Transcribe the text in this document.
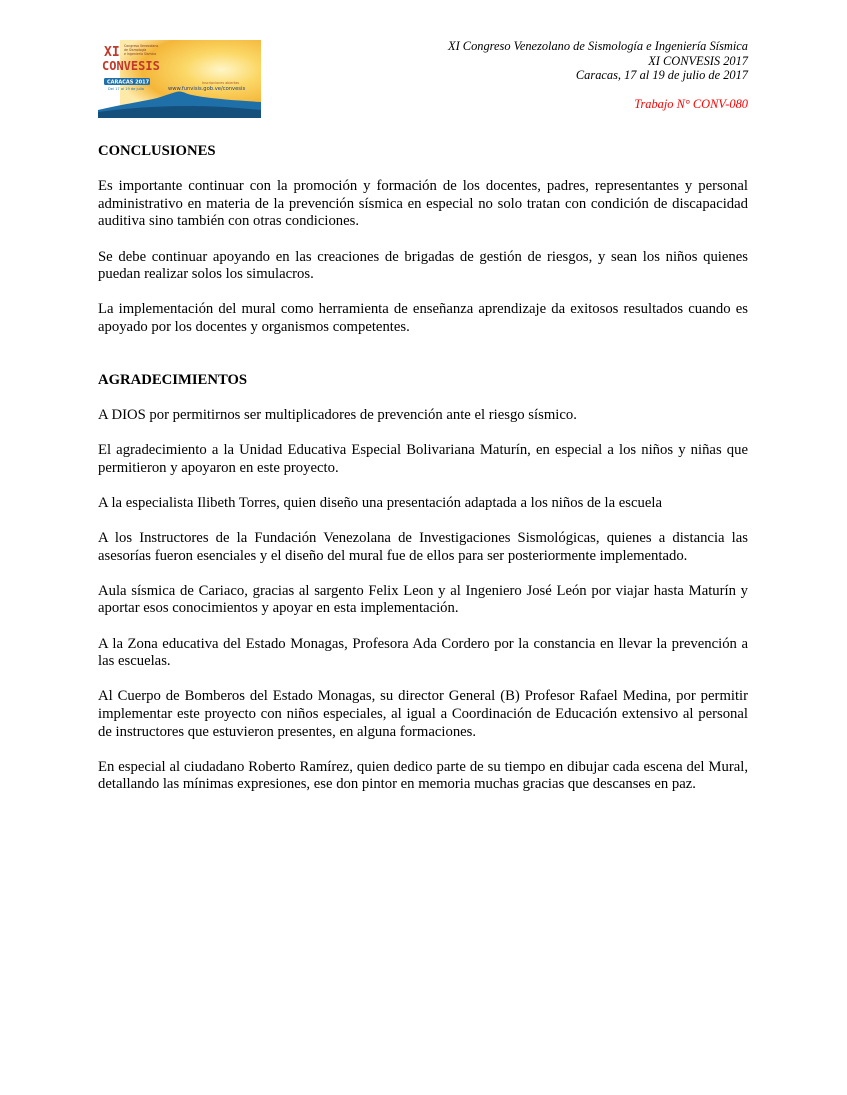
XI
CONVESIS
Congreso Venezolano
de Sismología
e Ingeniería Sísmica
CARACAS 2017
Del 17 al 19 de julio
Inscripciones abiertas
www.funvisis.gob.ve/convesis
XI Congreso Venezolano de Sismología e Ingeniería Sísmica
XI CONVESIS 2017
Caracas, 17 al 19 de julio de 2017
Trabajo N° CONV-080
CONCLUSIONES

Es importante continuar con la promoción y formación de los docentes, padres, representantes y personal administrativo en materia de la prevención sísmica en especial no solo tratan con condición de discapacidad auditiva sino también con otras condiciones.

Se debe continuar apoyando en las creaciones de brigadas de gestión de riesgos, y sean los niños quienes puedan realizar solos los simulacros.

La implementación del mural como herramienta de enseñanza aprendizaje da exitosos resultados cuando es apoyado por los docentes y organismos competentes.

AGRADECIMIENTOS

A DIOS por permitirnos ser multiplicadores de prevención ante el riesgo sísmico.

El agradecimiento a la Unidad Educativa Especial Bolivariana Maturín, en especial a los niños y niñas que permitieron y apoyaron en este proyecto.

A la especialista Ilibeth Torres, quien diseño una presentación adaptada a los niños de la escuela

A los Instructores de la Fundación Venezolana de Investigaciones Sismológicas, quienes a distancia las asesorías fueron esenciales y el diseño del mural fue de ellos para ser posteriormente implementado.

Aula sísmica de Cariaco, gracias al sargento Felix Leon y al Ingeniero José León por viajar hasta Maturín y aportar esos conocimientos y apoyar en esta implementación.

A la Zona educativa del Estado Monagas, Profesora Ada Cordero por la constancia en llevar la prevención a las escuelas.

Al Cuerpo de Bomberos del Estado Monagas, su director General (B) Profesor Rafael Medina, por permitir implementar este proyecto con niños especiales, al igual a Coordinación de Educación extensivo al personal de instructores que estuvieron presentes, en alguna formaciones.

En especial al ciudadano Roberto Ramírez, quien dedico parte de su tiempo en dibujar cada escena del Mural, detallando las mínimas expresiones, ese don pintor en memoria muchas gracias que descanses en paz.
